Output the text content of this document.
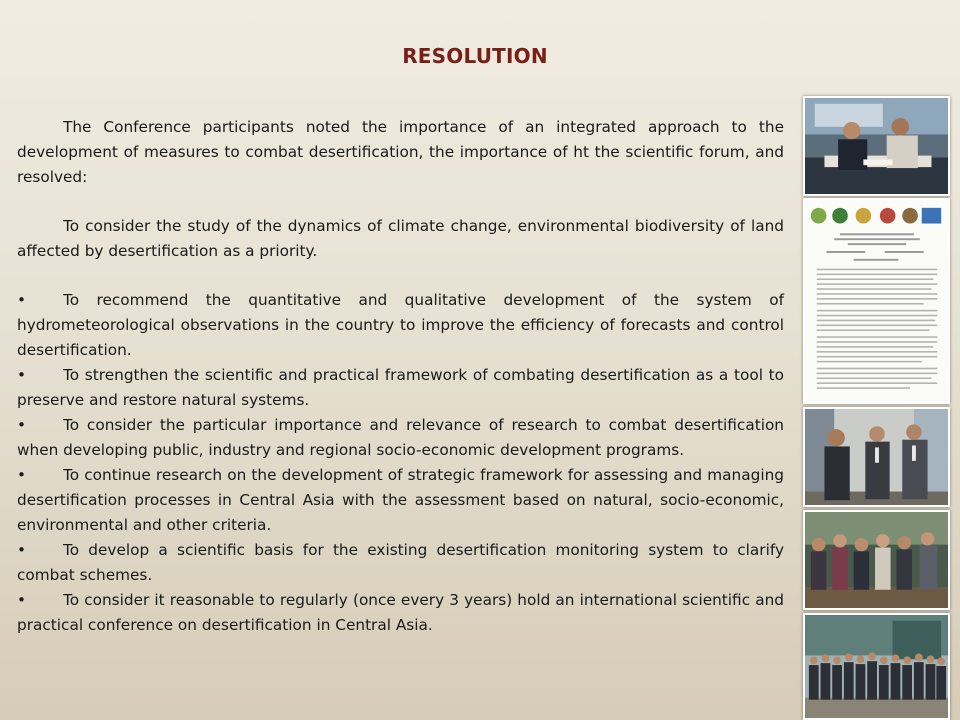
RESOLUTION

The Conference participants noted the importance of an integrated approach to the development of measures to combat desertification, the importance of ht the scientific forum, and resolved:

To consider the study of the dynamics of climate change, environmental biodiversity of land affected by desertification as a priority.

•	To recommend the quantitative and qualitative development of the system of hydrometeorological observations in the country to improve the efficiency of forecasts and control desertification.
•	To strengthen the scientific and practical framework of combating desertification as a tool to preserve and restore natural systems.
•	To consider the particular importance and relevance of research to combat desertification when developing public, industry and regional socio-economic development programs.
•	To continue research on the development of strategic framework for assessing and managing desertification processes in Central Asia with the assessment based on natural, socio-economic, environmental and other criteria.
•	To develop a scientific basis for the existing desertification monitoring system to clarify combat schemes.
•	To consider it reasonable to regularly (once every 3 years) hold an international scientific and practical conference on desertification in Central Asia.
